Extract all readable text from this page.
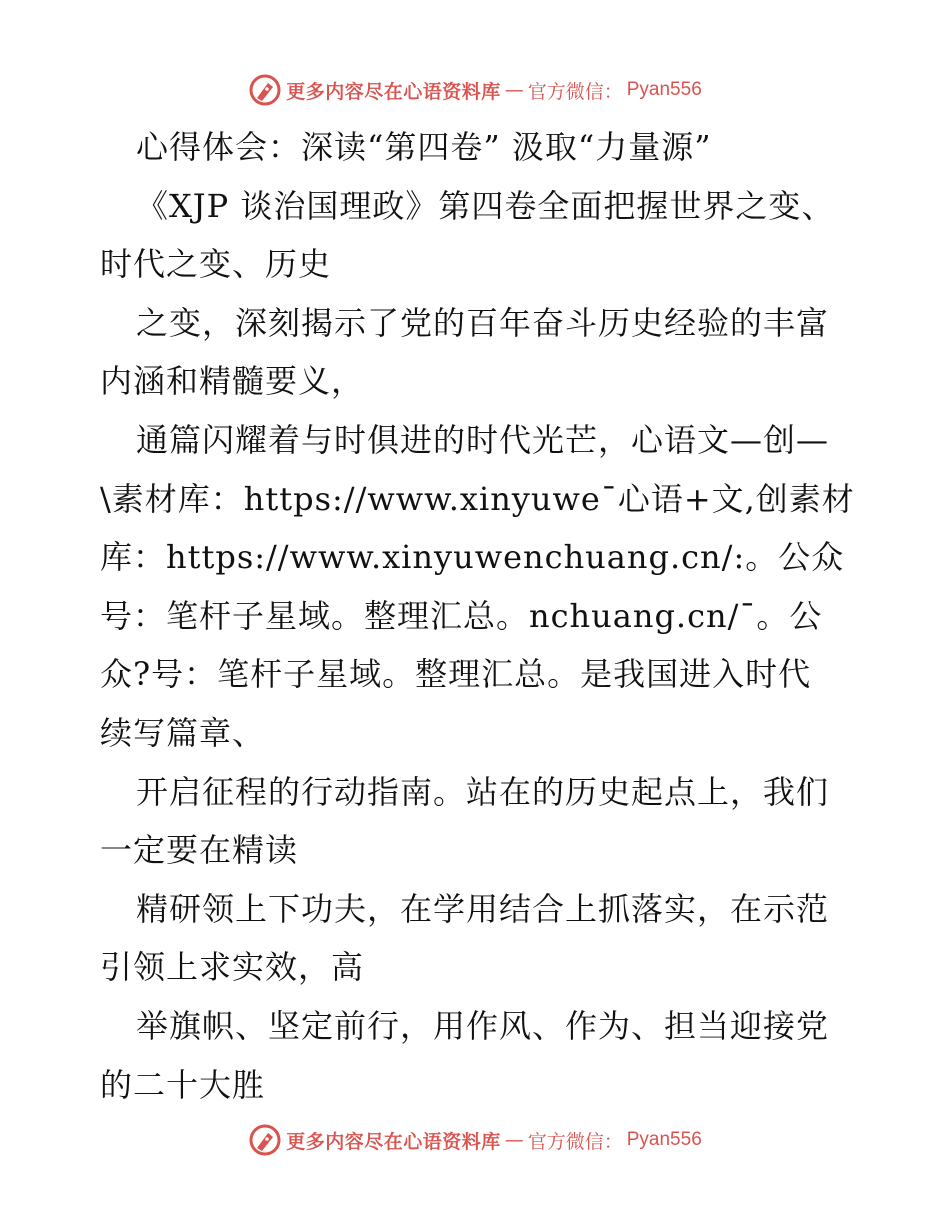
更多内容尽在心语资料库 — 官方微信： Pyan556
心得体会：深读“第四卷” 汲取“力量源”
《XJP 谈治国理政》第四卷全面把握世界之变、
时代之变、历史
之变，深刻揭示了党的百年奋斗历史经验的丰富
内涵和精髓要义，
通篇闪耀着与时俱进的时代光芒，心语文—创—
\素材库：https://www.xinyuwe¯心语+文,创素材
库：https://www.xinyuwenchuang.cn/:。公众
号：笔杆子星域。整理汇总。nchuang.cn/¯。公
众?号：笔杆子星域。整理汇总。是我国进入时代
续写篇章、
开启征程的行动指南。站在的历史起点上，我们
一定要在精读
精研领上下功夫，在学用结合上抓落实，在示范
引领上求实效，高
举旗帜、坚定前行，用作风、作为、担当迎接党
的二十大胜
更多内容尽在心语资料库 — 官方微信： Pyan556
